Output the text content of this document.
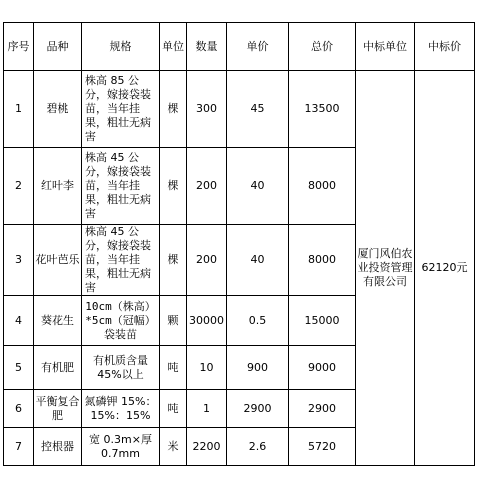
序号	品种	规格	单位	数量	单价	总价	中标单位	中标价
1	碧桃	株高 85 公分，嫁接袋装苗，当年挂果，粗壮无病害	棵	300	45	13500	厦门风伯农业投资管理有限公司	62120元
2	红叶李	株高 45 公分，嫁接袋装苗，当年挂果，粗壮无病害	棵	200	40	8000		
3	花叶芭乐	株高 45 公分，嫁接袋装苗，当年挂果，粗壮无病害	棵	200	40	8000		
4	葵花生	10cm（株高）*5cm（冠幅）袋装苗	颗	30000	0.5	15000		
5	有机肥	有机质含量 45%以上	吨	10	900	9000		
6	平衡复合肥	氮磷钾 15%：15%：15%	吨	1	2900	2900		
7	控根器	宽 0.3m×厚 0.7mm	米	2200	2.6	5720		
